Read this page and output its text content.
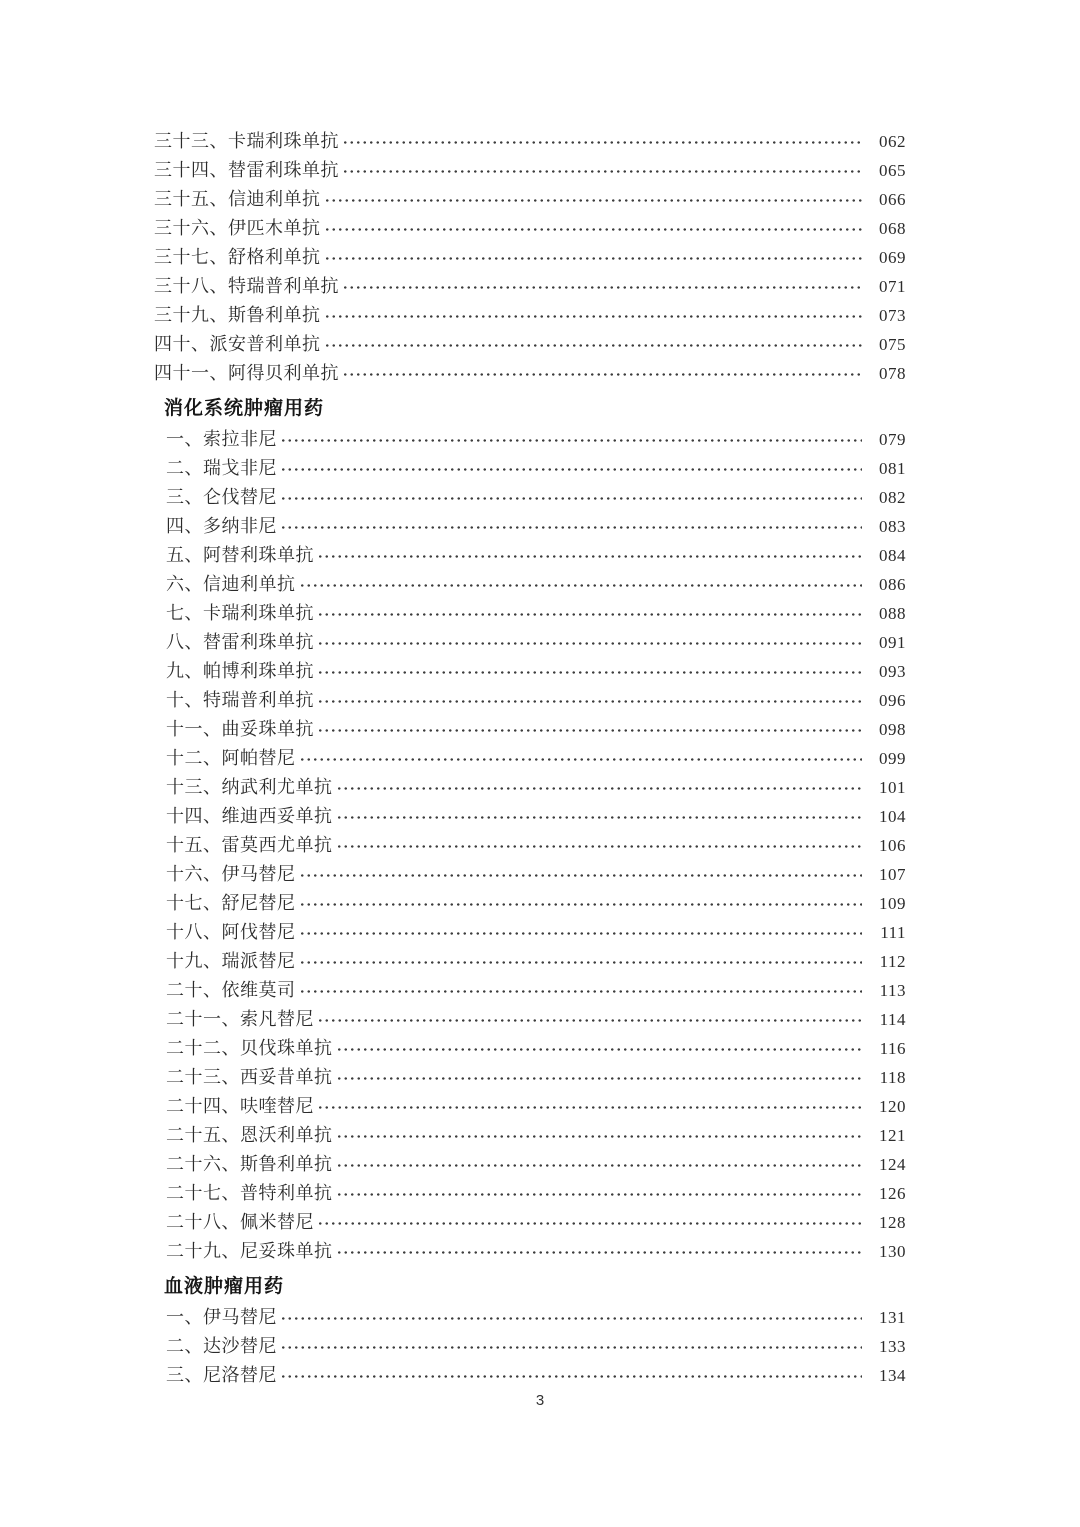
三十三、卡瑞利珠单抗	062
三十四、替雷利珠单抗	065
三十五、信迪利单抗	066
三十六、伊匹木单抗	068
三十七、舒格利单抗	069
三十八、特瑞普利单抗	071
三十九、斯鲁利单抗	073
四十、派安普利单抗	075
四十一、阿得贝利单抗	078
消化系统肿瘤用药
一、索拉非尼	079
二、瑞戈非尼	081
三、仑伐替尼	082
四、多纳非尼	083
五、阿替利珠单抗	084
六、信迪利单抗	086
七、卡瑞利珠单抗	088
八、替雷利珠单抗	091
九、帕博利珠单抗	093
十、特瑞普利单抗	096
十一、曲妥珠单抗	098
十二、阿帕替尼	099
十三、纳武利尤单抗	101
十四、维迪西妥单抗	104
十五、雷莫西尤单抗	106
十六、伊马替尼	107
十七、舒尼替尼	109
十八、阿伐替尼	111
十九、瑞派替尼	112
二十、依维莫司	113
二十一、索凡替尼	114
二十二、贝伐珠单抗	116
二十三、西妥昔单抗	118
二十四、呋喹替尼	120
二十五、恩沃利单抗	121
二十六、斯鲁利单抗	124
二十七、普特利单抗	126
二十八、佩米替尼	128
二十九、尼妥珠单抗	130
血液肿瘤用药
一、伊马替尼	131
二、达沙替尼	133
三、尼洛替尼	134
3
